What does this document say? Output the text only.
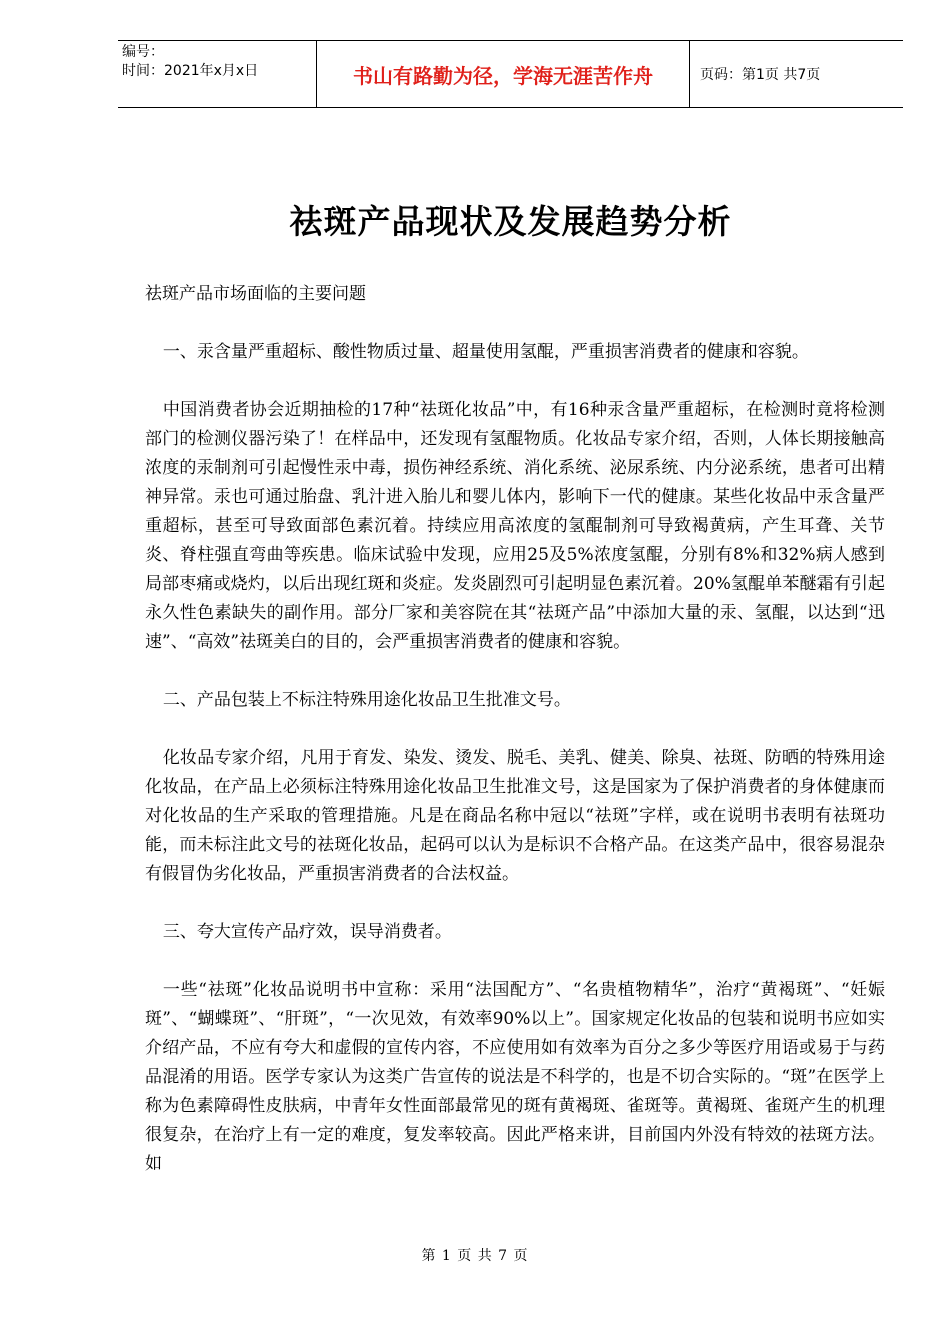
编号：
时间：2021年x月x日	书山有路勤为径，学海无涯苦作舟	页码：第1页 共7页
祛斑产品现状及发展趋势分析

祛斑产品市场面临的主要问题

一、汞含量严重超标、酸性物质过量、超量使用氢醌，严重损害消费者的健康和容貌。

中国消费者协会近期抽检的17种“祛斑化妆品”中，有16种汞含量严重超标，在检测时竟将检测部门的检测仪器污染了！在样品中，还发现有氢醌物质。化妆品专家介绍，否则，人体长期接触高浓度的汞制剂可引起慢性汞中毒，损伤神经系统、消化系统、泌尿系统、内分泌系统，患者可出精神异常。汞也可通过胎盘、乳汁进入胎儿和婴儿体内，影响下一代的健康。某些化妆品中汞含量严重超标，甚至可导致面部色素沉着。持续应用高浓度的氢醌制剂可导致褐黄病，产生耳聋、关节炎、脊柱强直弯曲等疾患。临床试验中发现，应用25及5%浓度氢醌，分别有8%和32%病人感到局部枣痛或烧灼，以后出现红斑和炎症。发炎剧烈可引起明显色素沉着。20%氢醌单苯醚霜有引起永久性色素缺失的副作用。部分厂家和美容院在其“祛斑产品”中添加大量的汞、氢醌，以达到“迅速”、“高效”祛斑美白的目的，会严重损害消费者的健康和容貌。

二、产品包装上不标注特殊用途化妆品卫生批准文号。

化妆品专家介绍，凡用于育发、染发、烫发、脱毛、美乳、健美、除臭、祛斑、防晒的特殊用途化妆品，在产品上必须标注特殊用途化妆品卫生批准文号，这是国家为了保护消费者的身体健康而对化妆品的生产采取的管理措施。凡是在商品名称中冠以“祛斑”字样，或在说明书表明有祛斑功能，而未标注此文号的祛斑化妆品，起码可以认为是标识不合格产品。在这类产品中，很容易混杂有假冒伪劣化妆品，严重损害消费者的合法权益。

三、夸大宣传产品疗效，误导消费者。

一些“祛斑”化妆品说明书中宣称：采用“法国配方”、“名贵植物精华”，治疗“黄褐斑”、“妊娠斑”、“蝴蝶斑”、“肝斑”，“一次见效，有效率90%以上”。国家规定化妆品的包装和说明书应如实介绍产品，不应有夸大和虚假的宣传内容，不应使用如有效率为百分之多少等医疗用语或易于与药品混淆的用语。医学专家认为这类广告宣传的说法是不科学的，也是不切合实际的。“斑”在医学上称为色素障碍性皮肤病，中青年女性面部最常见的斑有黄褐斑、雀斑等。黄褐斑、雀斑产生的机理很复杂，在治疗上有一定的难度，复发率较高。因此严格来讲，目前国内外没有特效的祛斑方法。如

第 1 页 共 7 页
